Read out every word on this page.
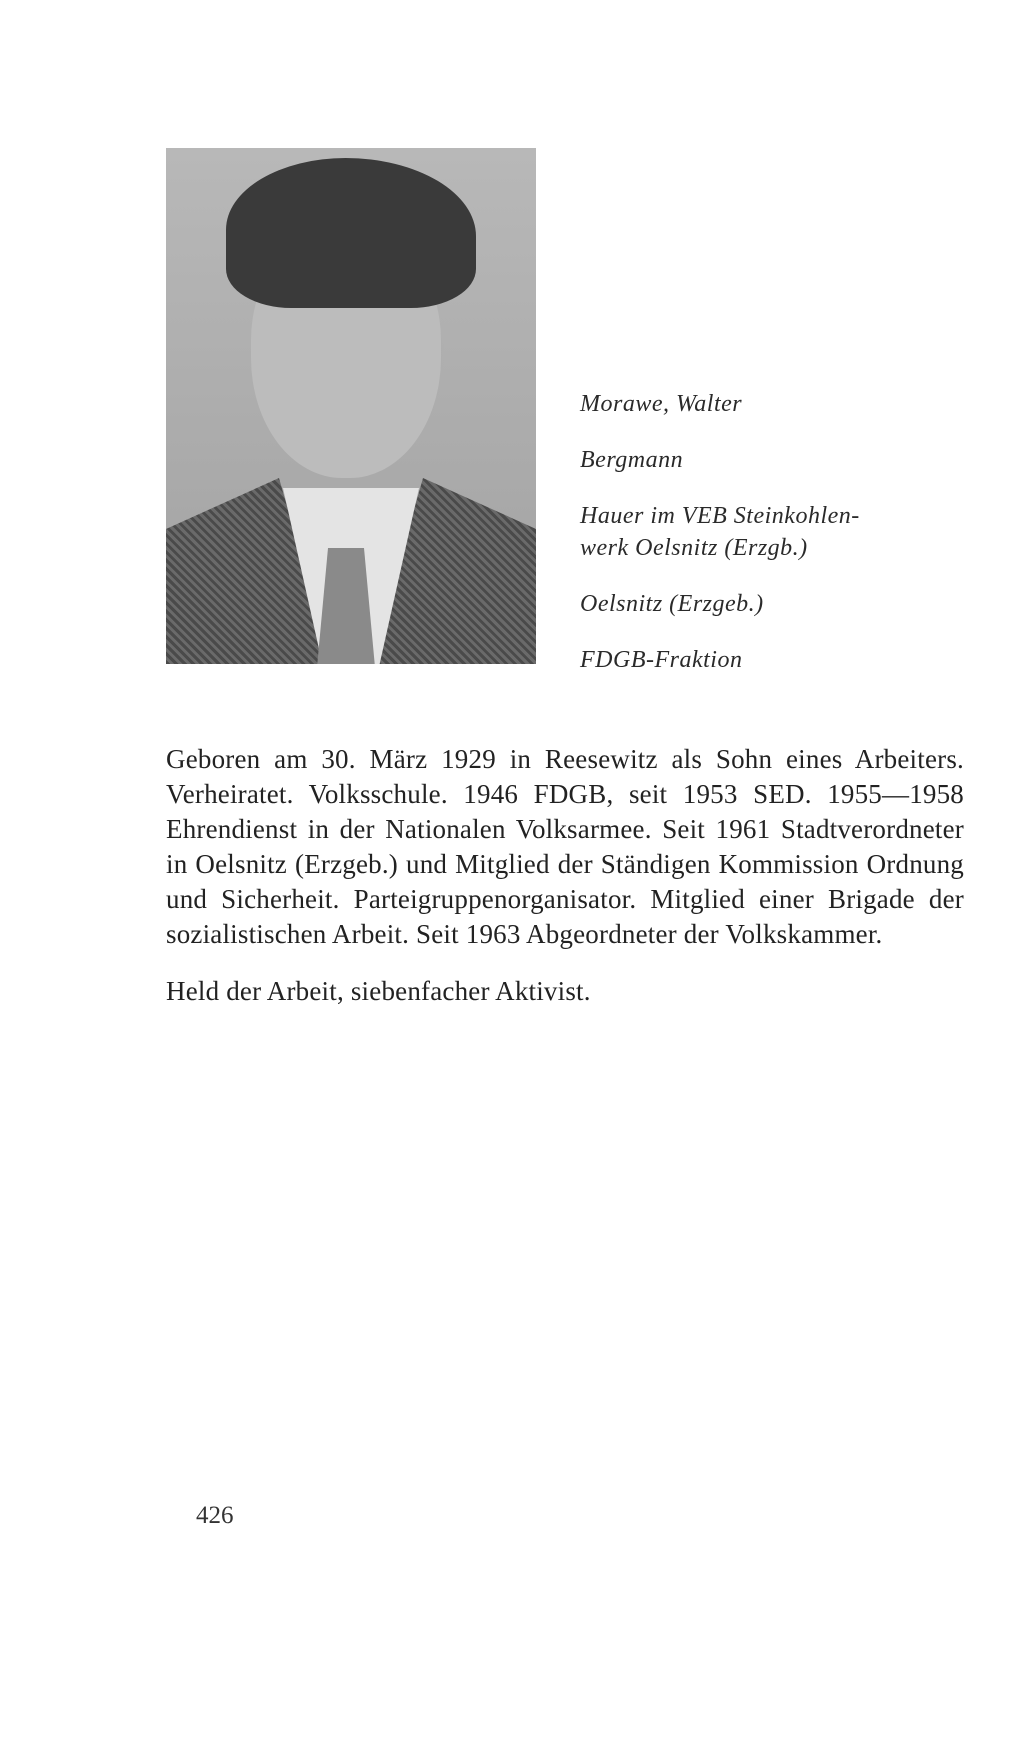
Morawe, Walter
Bergmann
Hauer im VEB Steinkohlen-
werk Oelsnitz (Erzgb.)
Oelsnitz (Erzgeb.)
FDGB-Fraktion

Geboren am 30. März 1929 in Reesewitz als Sohn eines Arbeiters. Verheiratet. Volksschule. 1946 FDGB, seit 1953 SED. 1955—1958 Ehrendienst in der Nationalen Volksarmee. Seit 1961 Stadtverordneter in Oelsnitz (Erzgeb.) und Mitglied der Ständigen Kommission Ordnung und Sicherheit. Parteigruppenorganisator. Mitglied einer Brigade der sozialistischen Arbeit. Seit 1963 Abgeordneter der Volkskammer.

Held der Arbeit, siebenfacher Aktivist.

426
